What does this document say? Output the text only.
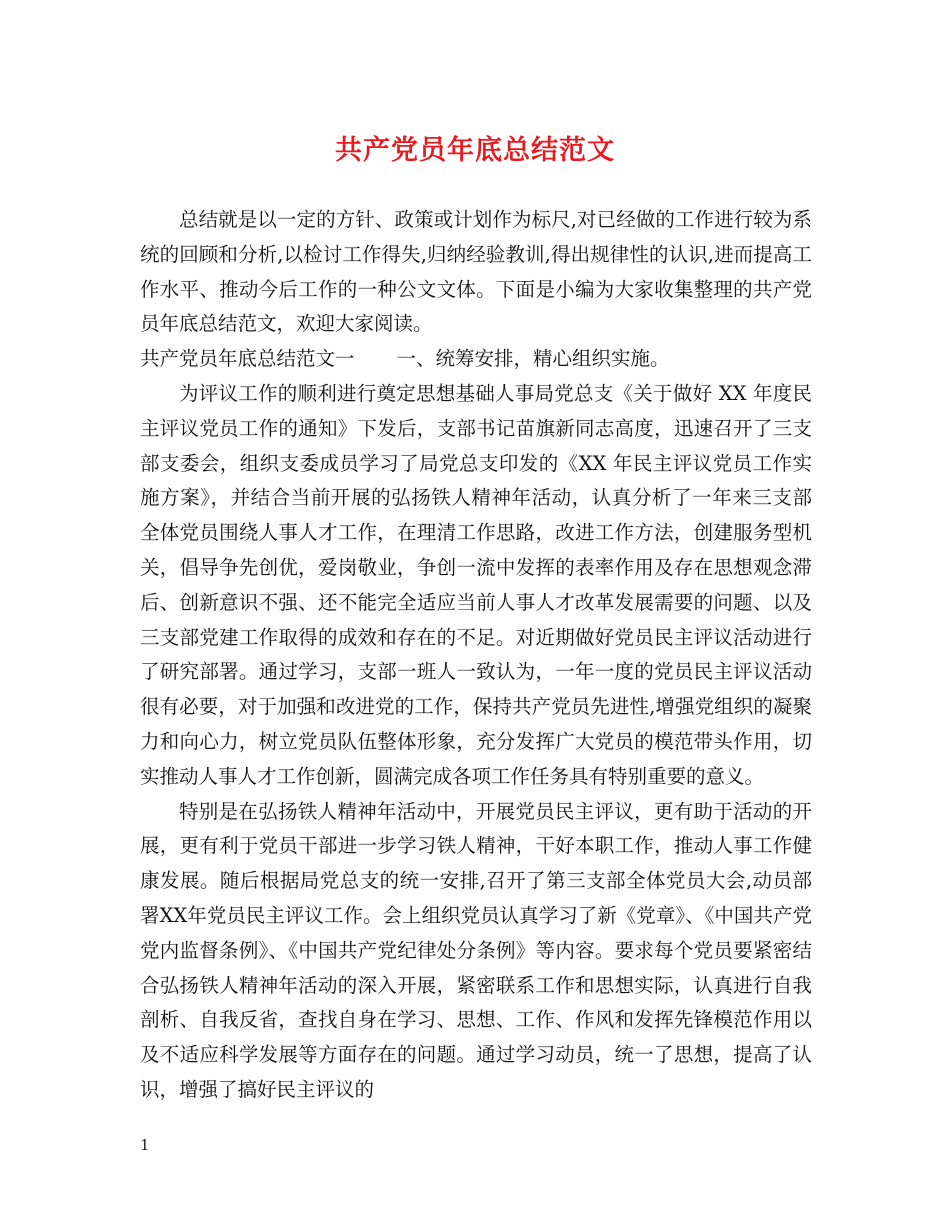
共产党员年底总结范文

总结就是以一定的方针、政策或计划作为标尺,对已经做的工作进行较为系统的回顾和分析,以检讨工作得失,归纳经验教训,得出规律性的认识,进而提高工作水平、推动今后工作的一种公文文体。下面是小编为大家收集整理的共产党员年底总结范文，欢迎大家阅读。

共产党员年底总结范文一 一、统筹安排，精心组织实施。

为评议工作的顺利进行奠定思想基础人事局党总支《关于做好 XX 年度民主评议党员工作的通知》下发后，支部书记苗旗新同志高度，迅速召开了三支部支委会，组织支委成员学习了局党总支印发的《XX 年民主评议党员工作实施方案》，并结合当前开展的弘扬铁人精神年活动，认真分析了一年来三支部全体党员围绕人事人才工作，在理清工作思路，改进工作方法，创建服务型机关，倡导争先创优，爱岗敬业，争创一流中发挥的表率作用及存在思想观念滞后、创新意识不强、还不能完全适应当前人事人才改革发展需要的问题、以及三支部党建工作取得的成效和存在的不足。对近期做好党员民主评议活动进行了研究部署。通过学习，支部一班人一致认为，一年一度的党员民主评议活动很有必要，对于加强和改进党的工作，保持共产党员先进性,增强党组织的凝聚力和向心力，树立党员队伍整体形象，充分发挥广大党员的模范带头作用，切实推动人事人才工作创新，圆满完成各项工作任务具有特别重要的意义。

特别是在弘扬铁人精神年活动中，开展党员民主评议，更有助于活动的开展，更有利于党员干部进一步学习铁人精神，干好本职工作，推动人事工作健康发展。随后根据局党总支的统一安排,召开了第三支部全体党员大会,动员部署XX年党员民主评议工作。会上组织党员认真学习了新《党章》、《中国共产党党内监督条例》、《中国共产党纪律处分条例》等内容。要求每个党员要紧密结合弘扬铁人精神年活动的深入开展，紧密联系工作和思想实际，认真进行自我剖析、自我反省，查找自身在学习、思想、工作、作风和发挥先锋模范作用以及不适应科学发展等方面存在的问题。通过学习动员，统一了思想，提高了认识，增强了搞好民主评议的

1
